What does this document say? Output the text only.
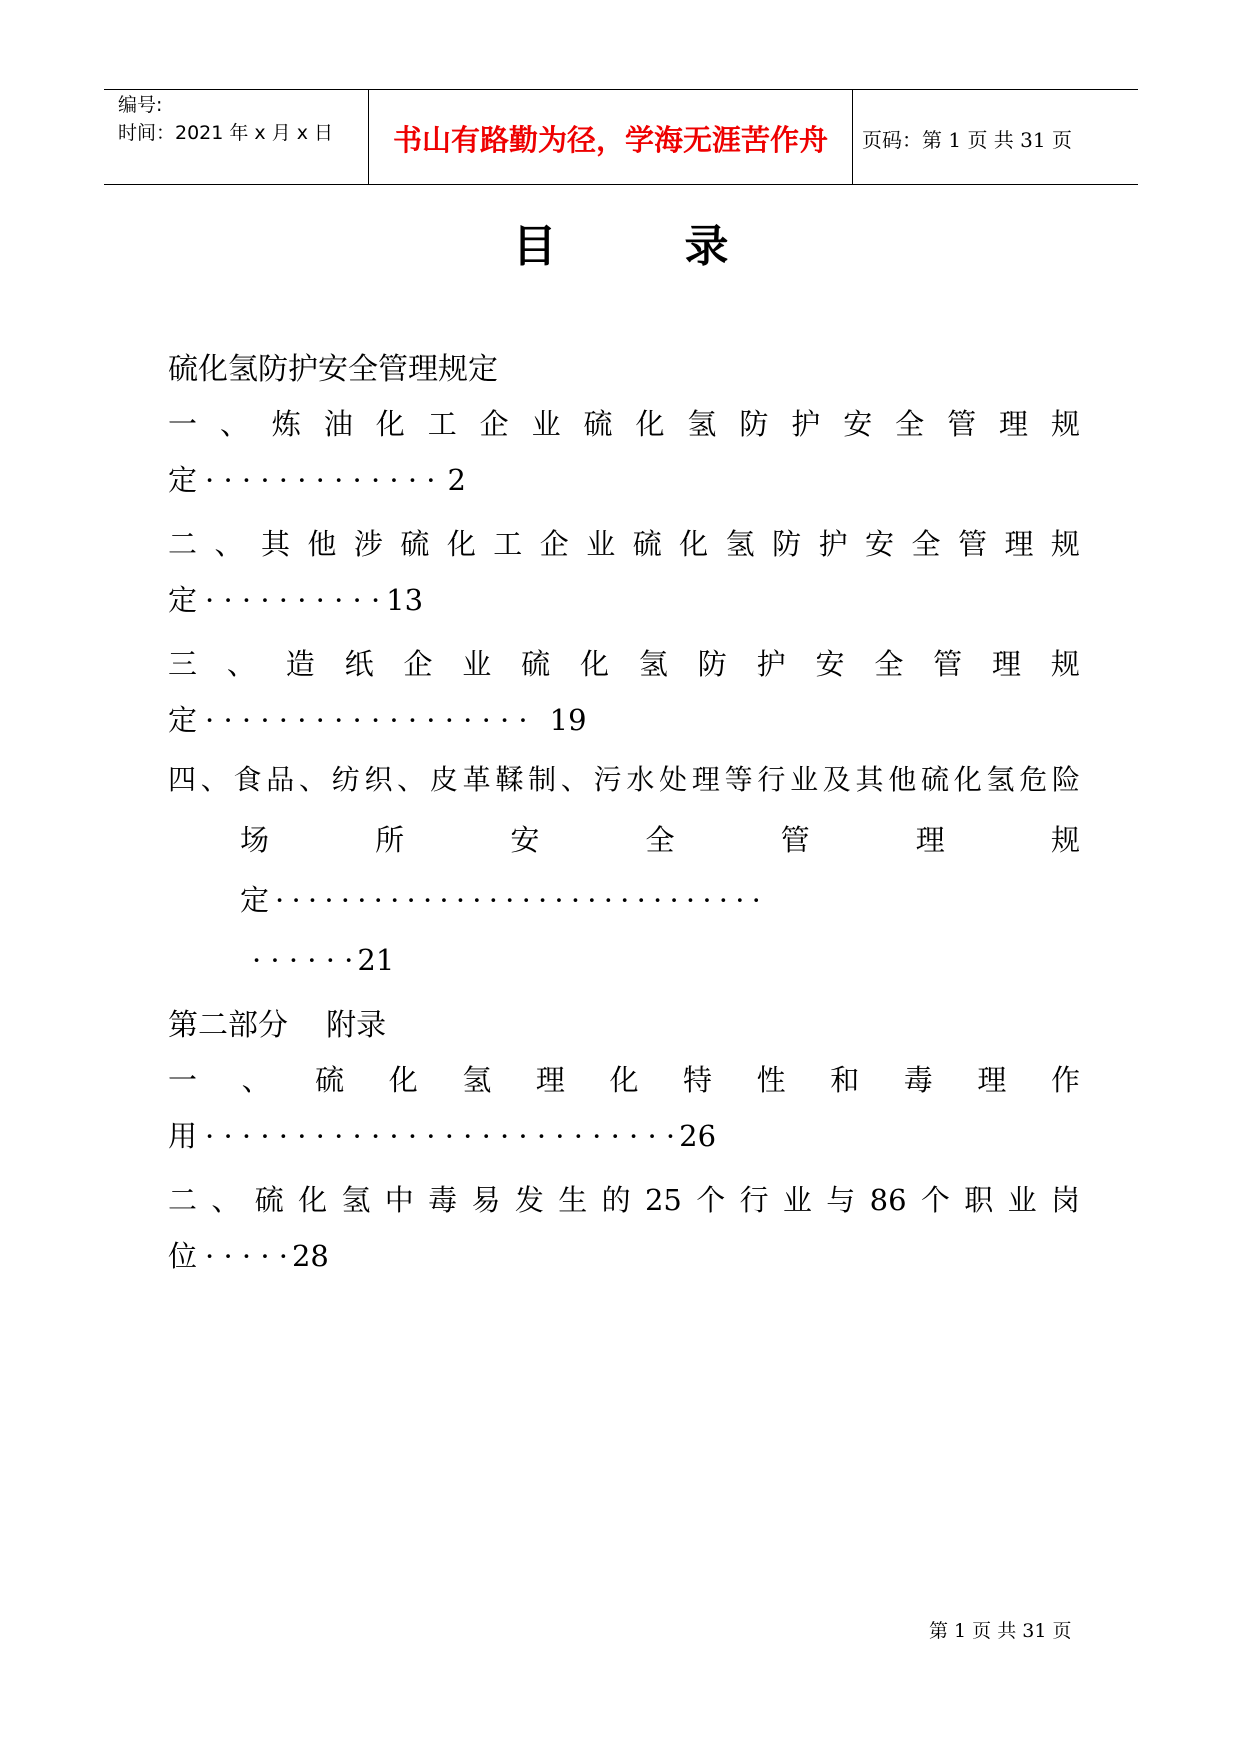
编号:
时间：2021 年 x 月 x 日	书山有路勤为径，学海无涯苦作舟	页码：第 1 页 共 31 页
目录
硫化氢防护安全管理规定
一 、 炼 油 化 工 企 业 硫 化 氢 防 护 安 全 管 理 规
定 · · · · · · · · · · · · · 2
二 、 其 他 涉 硫 化 工 企 业 硫 化 氢 防 护 安 全 管 理 规
定 · · · · · · · · · · 13
三 、 造 纸 企 业 硫 化 氢 防 护 安 全 管 理 规
定 · · · · · · · · · · · · · · · · · · 19
四、食品、纺织、皮革鞣制、污水处理等行业及其他硫化氢危险
场	所	安	全	管	理	规
定 · · · · · · · · · · · · · · · · · · · · · · · · · · · · · ·
· · · · · · 21
第二部分    附录
一 、 硫 化 氢 理 化 特 性 和 毒 理 作
用 · · · · · · · · · · · · · · · · · · · · · · · · · · 26
二 、 硫 化 氢 中 毒 易 发 生 的 25 个 行 业 与 86 个 职 业 岗
位 · · · · · 28
第 1 页 共 31 页
